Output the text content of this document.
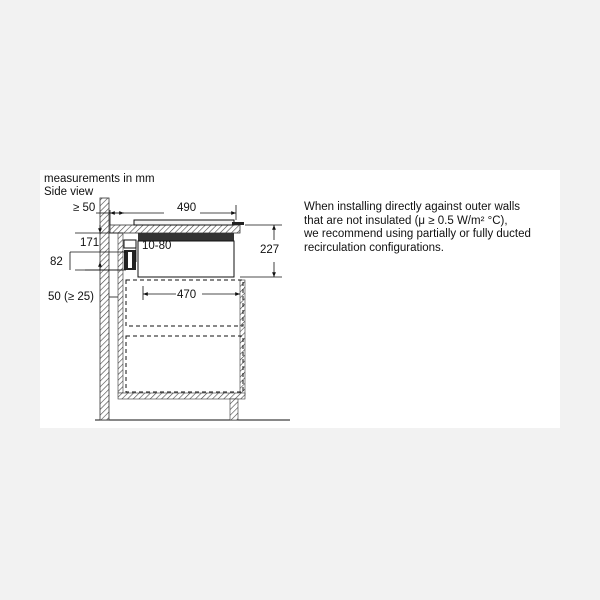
measurements in mm
Side view
490
≥ 50
227
470
10-80
171
82
50 (≥ 25)
When installing directly against outer walls
that are not insulated (μ ≥ 0.5 W/m² °C),
we recommend using partially or fully ducted
recirculation configurations.
